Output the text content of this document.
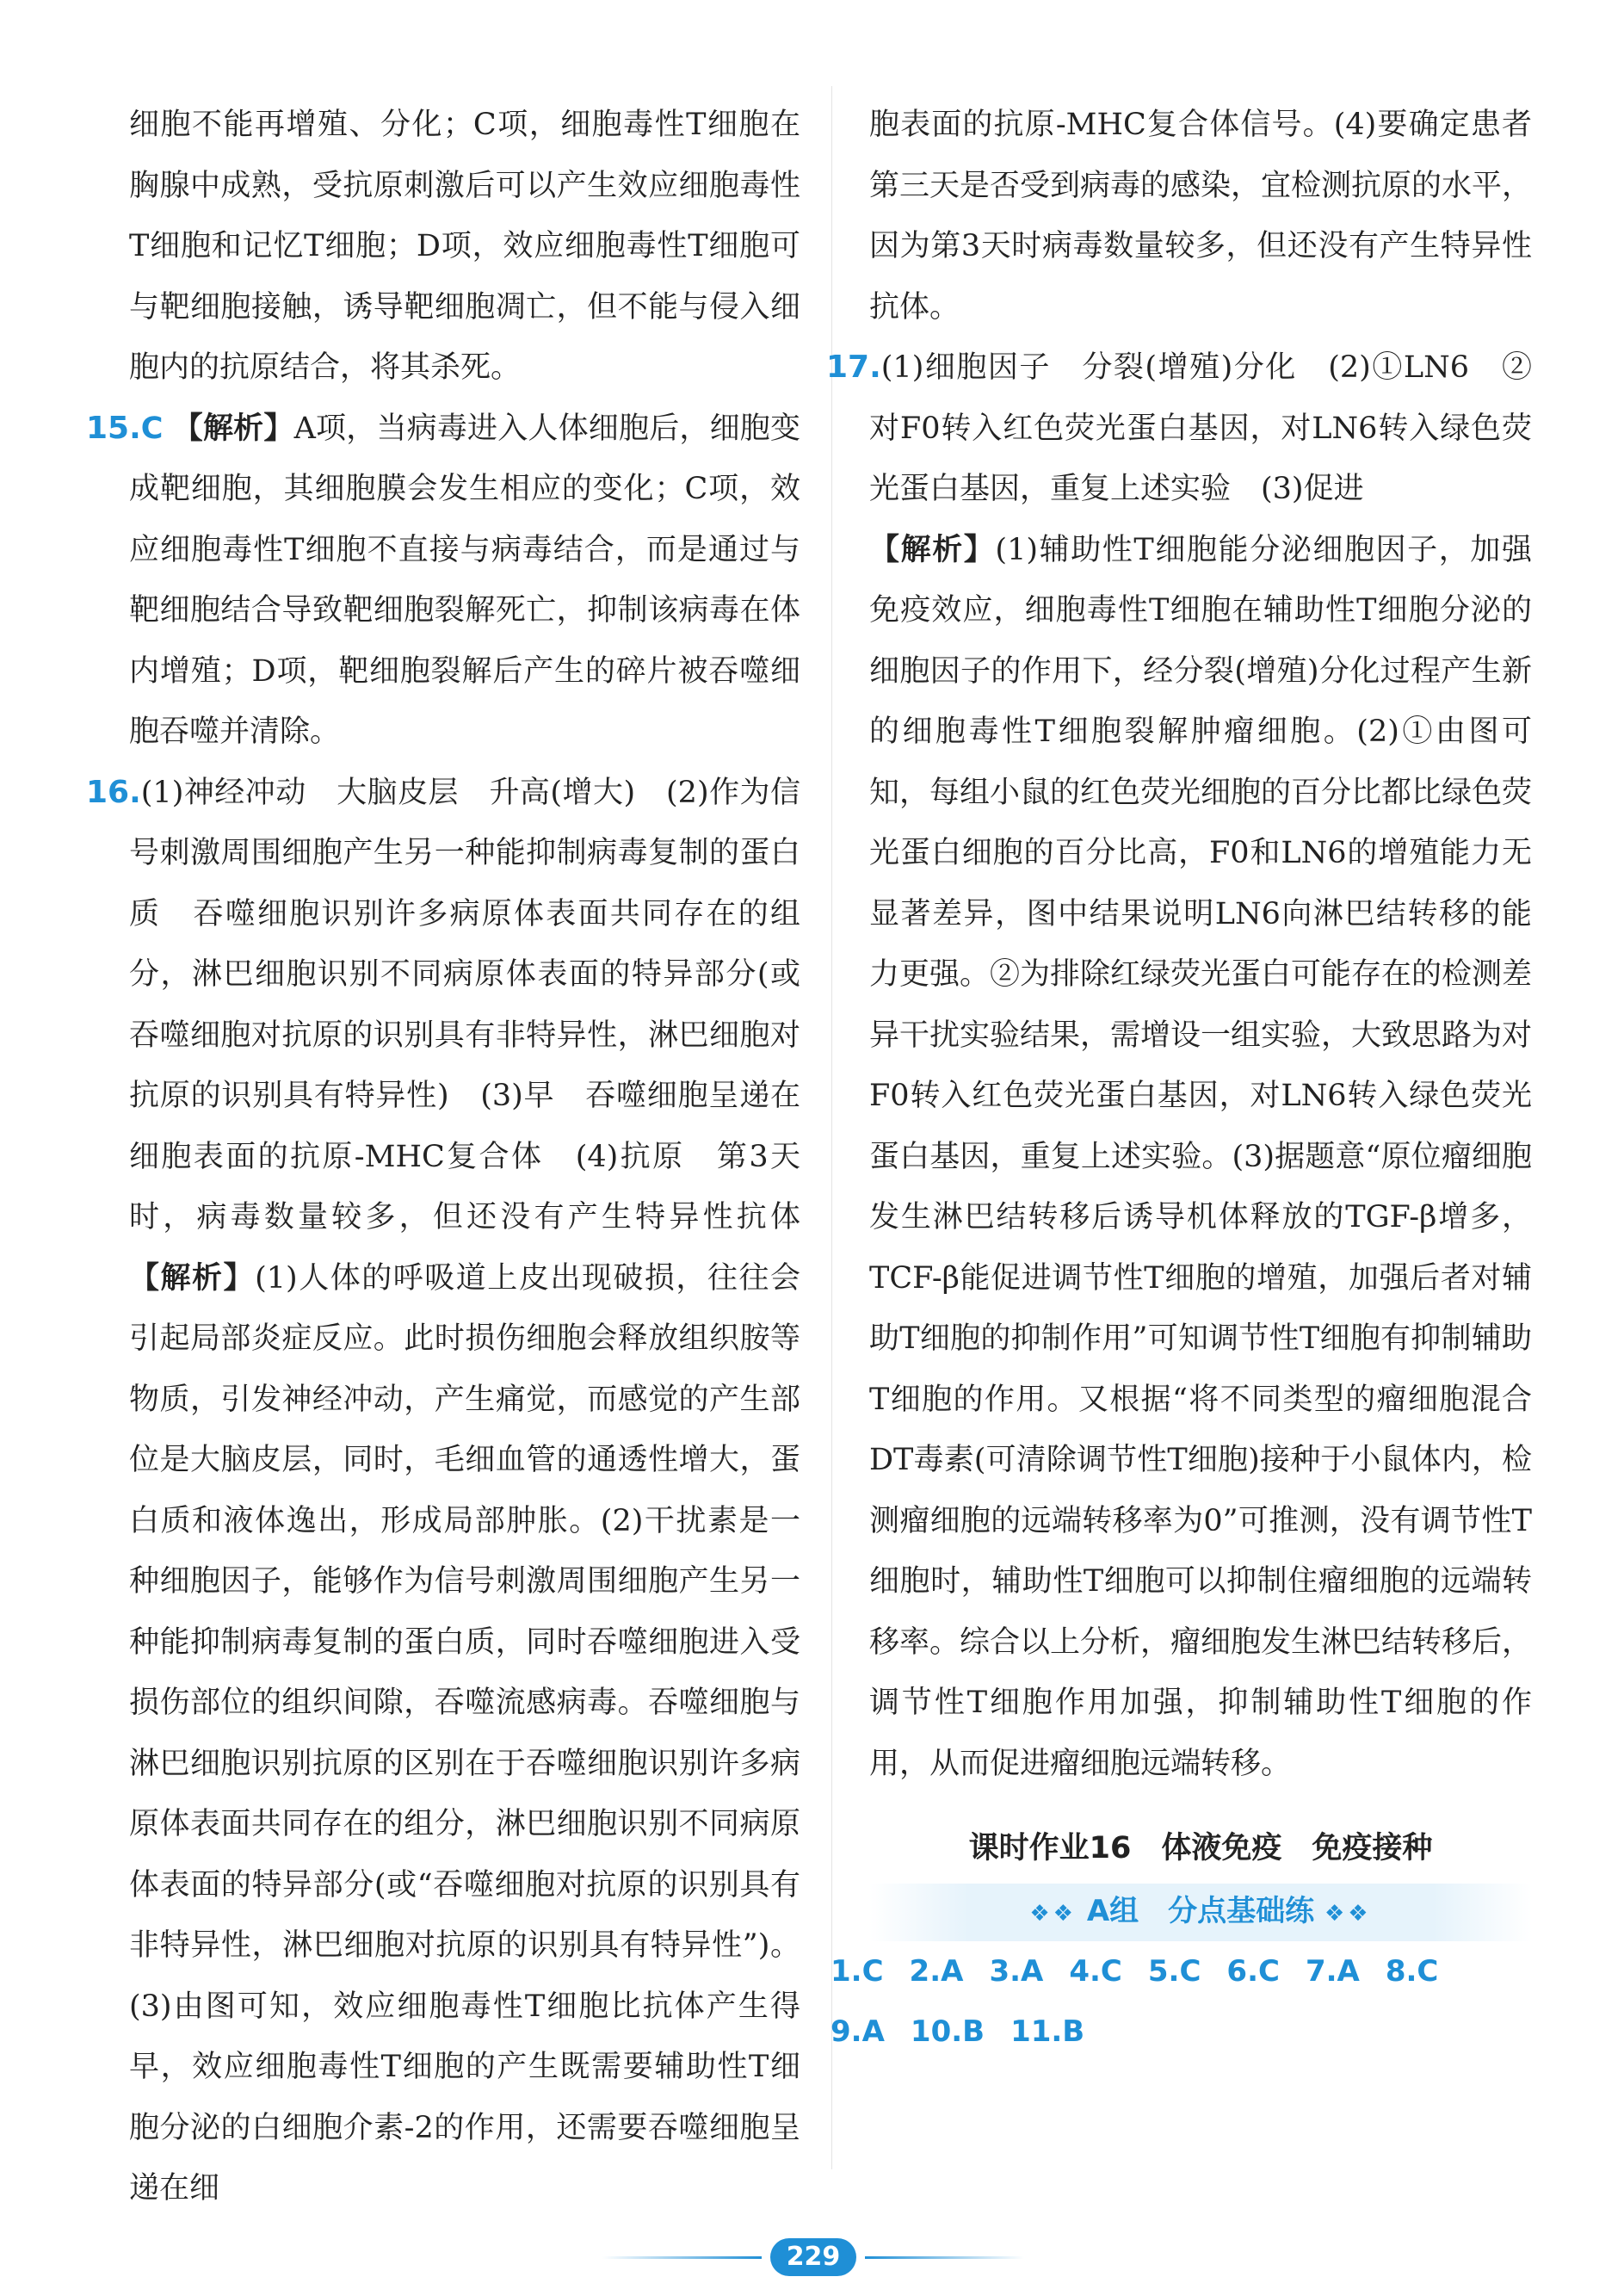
细胞不能再增殖、分化；C项，细胞毒性T细胞在胸腺中成熟，受抗原刺激后可以产生效应细胞毒性T细胞和记忆T细胞；D项，效应细胞毒性T细胞可与靶细胞接触，诱导靶细胞凋亡，但不能与侵入细胞内的抗原结合，将其杀死。

15.C 【解析】A项，当病毒进入人体细胞后，细胞变成靶细胞，其细胞膜会发生相应的变化；C项，效应细胞毒性T细胞不直接与病毒结合，而是通过与靶细胞结合导致靶细胞裂解死亡，抑制该病毒在体内增殖；D项，靶细胞裂解后产生的碎片被吞噬细胞吞噬并清除。

16.(1)神经冲动　大脑皮层　升高(增大)　(2)作为信号刺激周围细胞产生另一种能抑制病毒复制的蛋白质　吞噬细胞识别许多病原体表面共同存在的组分，淋巴细胞识别不同病原体表面的特异部分(或吞噬细胞对抗原的识别具有非特异性，淋巴细胞对抗原的识别具有特异性)　(3)早　吞噬细胞呈递在细胞表面的抗原-MHC复合体　(4)抗原　第3天时，病毒数量较多，但还没有产生特异性抗体　【解析】(1)人体的呼吸道上皮出现破损，往往会引起局部炎症反应。此时损伤细胞会释放组织胺等物质，引发神经冲动，产生痛觉，而感觉的产生部位是大脑皮层，同时，毛细血管的通透性增大，蛋白质和液体逸出，形成局部肿胀。(2)干扰素是一种细胞因子，能够作为信号刺激周围细胞产生另一种能抑制病毒复制的蛋白质，同时吞噬细胞进入受损伤部位的组织间隙，吞噬流感病毒。吞噬细胞与淋巴细胞识别抗原的区别在于吞噬细胞识别许多病原体表面共同存在的组分，淋巴细胞识别不同病原体表面的特异部分(或“吞噬细胞对抗原的识别具有非特异性，淋巴细胞对抗原的识别具有特异性”)。(3)由图可知，效应细胞毒性T细胞比抗体产生得早，效应细胞毒性T细胞的产生既需要辅助性T细胞分泌的白细胞介素-2的作用，还需要吞噬细胞呈递在细

胞表面的抗原-MHC复合体信号。(4)要确定患者第三天是否受到病毒的感染，宜检测抗原的水平，因为第3天时病毒数量较多，但还没有产生特异性抗体。

17.(1)细胞因子　分裂(增殖)分化　(2)①LN6　②对F0转入红色荧光蛋白基因，对LN6转入绿色荧光蛋白基因，重复上述实验　(3)促进

【解析】(1)辅助性T细胞能分泌细胞因子，加强免疫效应，细胞毒性T细胞在辅助性T细胞分泌的细胞因子的作用下，经分裂(增殖)分化过程产生新的细胞毒性T细胞裂解肿瘤细胞。(2)①由图可知，每组小鼠的红色荧光细胞的百分比都比绿色荧光蛋白细胞的百分比高，F0和LN6的增殖能力无显著差异，图中结果说明LN6向淋巴结转移的能力更强。②为排除红绿荧光蛋白可能存在的检测差异干扰实验结果，需增设一组实验，大致思路为对F0转入红色荧光蛋白基因，对LN6转入绿色荧光蛋白基因，重复上述实验。(3)据题意“原位瘤细胞发生淋巴结转移后诱导机体释放的TGF-β增多，TCF-β能促进调节性T细胞的增殖，加强后者对辅助T细胞的抑制作用”可知调节性T细胞有抑制辅助T细胞的作用。又根据“将不同类型的瘤细胞混合DT毒素(可清除调节性T细胞)接种于小鼠体内，检测瘤细胞的远端转移率为0”可推测，没有调节性T细胞时，辅助性T细胞可以抑制住瘤细胞的远端转移率。综合以上分析，瘤细胞发生淋巴结转移后，调节性T细胞作用加强，抑制辅助性T细胞的作用，从而促进瘤细胞远端转移。

课时作业16　体液免疫　免疫接种
❖❖ A组　分点基础练 ❖❖
1.C 2.A 3.A 4.C 5.C 6.C 7.A 8.C
9.A 10.B 11.B
229
